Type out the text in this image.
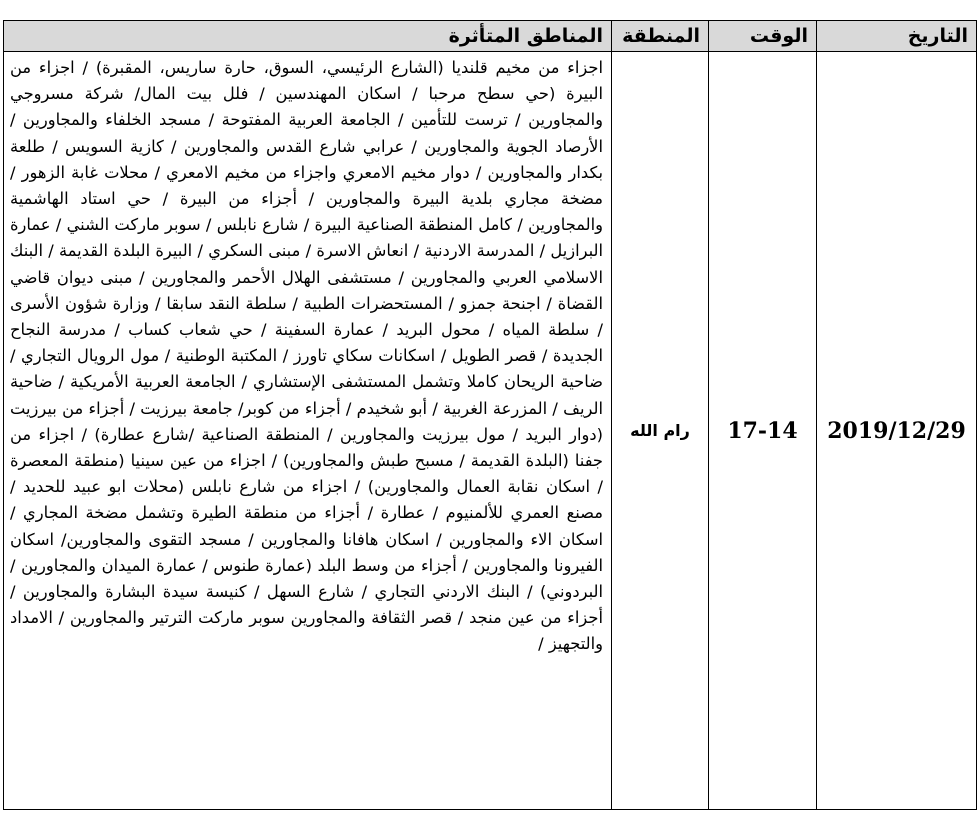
التاريخ
الوقت
المنطقة
المناطق المتأثرة
2019/12/29
17-14
رام الله
اجزاء من مخيم قلنديا (الشارع الرئيسي، السوق، حارة ساريس، المقبرة) / اجزاء من البيرة (حي سطح مرحبا / اسكان المهندسين / فلل بيت المال/ شركة مسروجي والمجاورين / ترست للتأمين / الجامعة العربية المفتوحة / مسجد الخلفاء والمجاورين / الأرصاد الجوية والمجاورين / عرابي شارع القدس والمجاورين / كازية السويس / طلعة بكدار والمجاورين / دوار مخيم الامعري واجزاء من مخيم الامعري / محلات غابة الزهور / مضخة مجاري بلدية البيرة والمجاورين / أجزاء من البيرة / حي استاد الهاشمية والمجاورين / كامل المنطقة الصناعية البيرة / شارع نابلس / سوبر ماركت الشني / عمارة البرازيل / المدرسة الاردنية / انعاش الاسرة / مبنى السكري / البيرة البلدة القديمة / البنك الاسلامي العربي والمجاورين / مستشفى الهلال الأحمر والمجاورين / مبنى ديوان قاضي القضاة / اجنحة جمزو / المستحضرات الطبية / سلطة النقد سابقا / وزارة شؤون الأسرى / سلطة المياه / محول البريد / عمارة السفينة / حي شعاب كساب / مدرسة النجاح الجديدة / قصر الطويل / اسكانات سكاي تاورز / المكتبة الوطنية / مول الرويال التجاري / ضاحية الريحان كاملا وتشمل المستشفى الإستشاري / الجامعة العربية الأمريكية / ضاحية الريف / المزرعة الغربية / أبو شخيدم / أجزاء من كوبر/ جامعة بيرزيت / أجزاء من بيرزيت (دوار البريد / مول بيرزيت والمجاورين / المنطقة الصناعية /شارع عطارة) / اجزاء من جفنا (البلدة القديمة / مسبح طبش والمجاورين) / اجزاء من عين سينيا (منطقة المعصرة / اسكان نقابة العمال والمجاورين) / اجزاء من شارع نابلس (محلات ابو عبيد للحديد / مصنع العمري للألمنيوم / عطارة / أجزاء من منطقة الطيرة وتشمل مضخة المجاري / اسكان الاء والمجاورين / اسكان هافانا والمجاورين / مسجد التقوى والمجاورين/ اسكان الفيرونا والمجاورين / أجزاء من وسط البلد (عمارة طنوس / عمارة الميدان والمجاورين / البردوني) / البنك الاردني التجاري / شارع السهل / كنيسة سيدة البشارة والمجاورين / أجزاء من عين منجد / قصر الثقافة والمجاورين سوبر ماركت الترتير والمجاورين / الامداد والتجهيز /
